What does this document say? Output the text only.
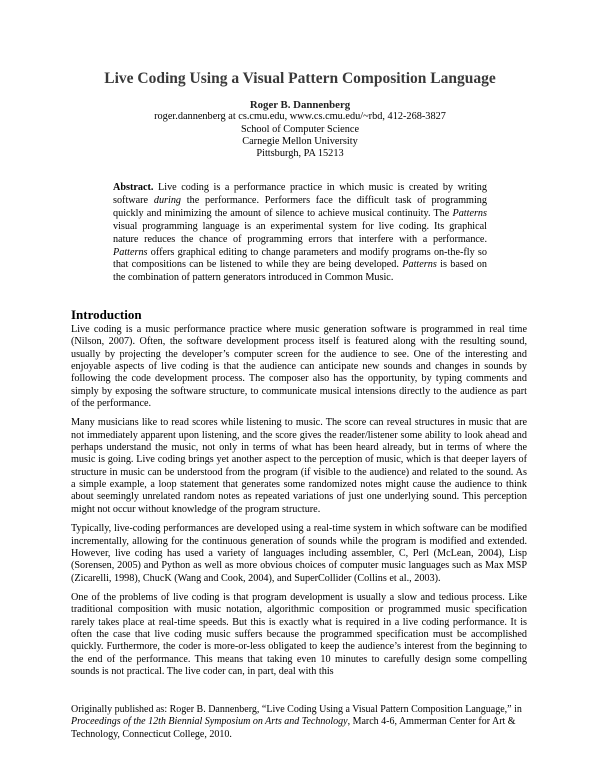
Live Coding Using a Visual Pattern Composition Language
Roger B. Dannenberg
roger.dannenberg at cs.cmu.edu, www.cs.cmu.edu/~rbd, 412-268-3827
School of Computer Science
Carnegie Mellon University
Pittsburgh, PA 15213
Abstract. Live coding is a performance practice in which music is created by writing software during the performance. Performers face the difficult task of programming quickly and minimizing the amount of silence to achieve musical continuity. The Patterns visual programming language is an experimental system for live coding. Its graphical nature reduces the chance of programming errors that interfere with a performance. Patterns offers graphical editing to change parameters and modify programs on-the-fly so that compositions can be listened to while they are being developed. Patterns is based on the combination of pattern generators introduced in Common Music.
Introduction

Live coding is a music performance practice where music generation software is programmed in real time (Nilson, 2007). Often, the software development process itself is featured along with the resulting sound, usually by projecting the developer’s computer screen for the audience to see. One of the interesting and enjoyable aspects of live coding is that the audience can anticipate new sounds and changes in sounds by following the code development process. The composer also has the opportunity, by typing comments and simply by exposing the software structure, to communicate musical intensions directly to the audience as part of the performance.

Many musicians like to read scores while listening to music. The score can reveal structures in music that are not immediately apparent upon listening, and the score gives the reader/listener some ability to look ahead and perhaps understand the music, not only in terms of what has been heard already, but in terms of where the music is going. Live coding brings yet another aspect to the perception of music, which is that deeper layers of structure in music can be understood from the program (if visible to the audience) and related to the sound. As a simple example, a loop statement that generates some randomized notes might cause the audience to think about seemingly unrelated random notes as repeated variations of just one underlying sound. This perception might not occur without knowledge of the program structure.

Typically, live-coding performances are developed using a real-time system in which software can be modified incrementally, allowing for the continuous generation of sounds while the program is modified and extended. However, live coding has used a variety of languages including assembler, C, Perl (McLean, 2004), Lisp (Sorensen, 2005) and Python as well as more obvious choices of computer music languages such as Max MSP (Zicarelli, 1998), ChucK (Wang and Cook, 2004), and SuperCollider (Collins et al., 2003).

One of the problems of live coding is that program development is usually a slow and tedious process. Like traditional composition with music notation, algorithmic composition or programmed music specification rarely takes place at real-time speeds. But this is exactly what is required in a live coding performance. It is often the case that live coding music suffers because the programmed specification must be accomplished quickly. Furthermore, the coder is more-or-less obligated to keep the audience’s interest from the beginning to the end of the performance. This means that taking even 10 minutes to carefully design some compelling sounds is not practical. The live coder can, in part, deal with this

Originally published as: Roger B. Dannenberg, “Live Coding Using a Visual Pattern Composition Language,” in Proceedings of the 12th Biennial Symposium on Arts and Technology, March 4-6, Ammerman Center for Art & Technology, Connecticut College, 2010.
